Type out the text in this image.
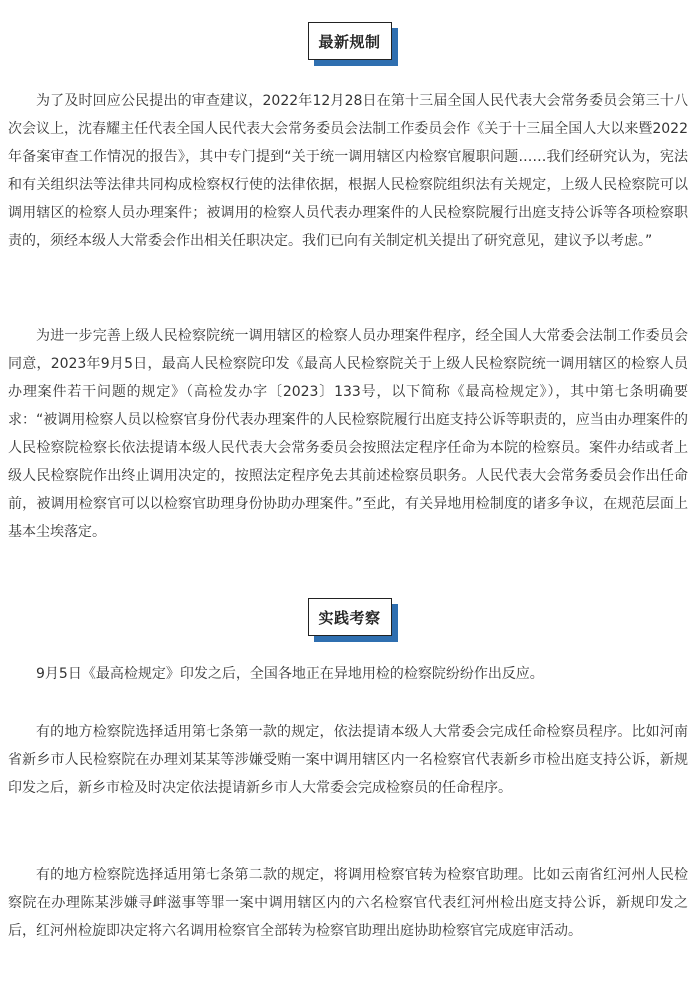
最新规制

为了及时回应公民提出的审查建议，2022年12月28日在第十三届全国人民代表大会常务委员会第三十八次会议上，沈春耀主任代表全国人民代表大会常务委员会法制工作委员会作《关于十三届全国人大以来暨2022年备案审查工作情况的报告》，其中专门提到“关于统一调用辖区内检察官履职问题……我们经研究认为，宪法和有关组织法等法律共同构成检察权行使的法律依据，根据人民检察院组织法有关规定，上级人民检察院可以调用辖区的检察人员办理案件；被调用的检察人员代表办理案件的人民检察院履行出庭支持公诉等各项检察职责的，须经本级人大常委会作出相关任职决定。我们已向有关制定机关提出了研究意见，建议予以考虑。”

为进一步完善上级人民检察院统一调用辖区的检察人员办理案件程序，经全国人大常委会法制工作委员会同意，2023年9月5日，最高人民检察院印发《最高人民检察院关于上级人民检察院统一调用辖区的检察人员办理案件若干问题的规定》（高检发办字〔2023〕133号，以下简称《最高检规定》），其中第七条明确要求：“被调用检察人员以检察官身份代表办理案件的人民检察院履行出庭支持公诉等职责的，应当由办理案件的人民检察院检察长依法提请本级人民代表大会常务委员会按照法定程序任命为本院的检察员。案件办结或者上级人民检察院作出终止调用决定的，按照法定程序免去其前述检察员职务。人民代表大会常务委员会作出任命前，被调用检察官可以以检察官助理身份协助办理案件。”至此，有关异地用检制度的诸多争议，在规范层面上基本尘埃落定。

实践考察

9月5日《最高检规定》印发之后，全国各地正在异地用检的检察院纷纷作出反应。

有的地方检察院选择适用第七条第一款的规定，依法提请本级人大常委会完成任命检察员程序。比如河南省新乡市人民检察院在办理刘某某等涉嫌受贿一案中调用辖区内一名检察官代表新乡市检出庭支持公诉，新规印发之后，新乡市检及时决定依法提请新乡市人大常委会完成检察员的任命程序。

有的地方检察院选择适用第七条第二款的规定，将调用检察官转为检察官助理。比如云南省红河州人民检察院在办理陈某涉嫌寻衅滋事等罪一案中调用辖区内的六名检察官代表红河州检出庭支持公诉，新规印发之后，红河州检旋即决定将六名调用检察官全部转为检察官助理出庭协助检察官完成庭审活动。
